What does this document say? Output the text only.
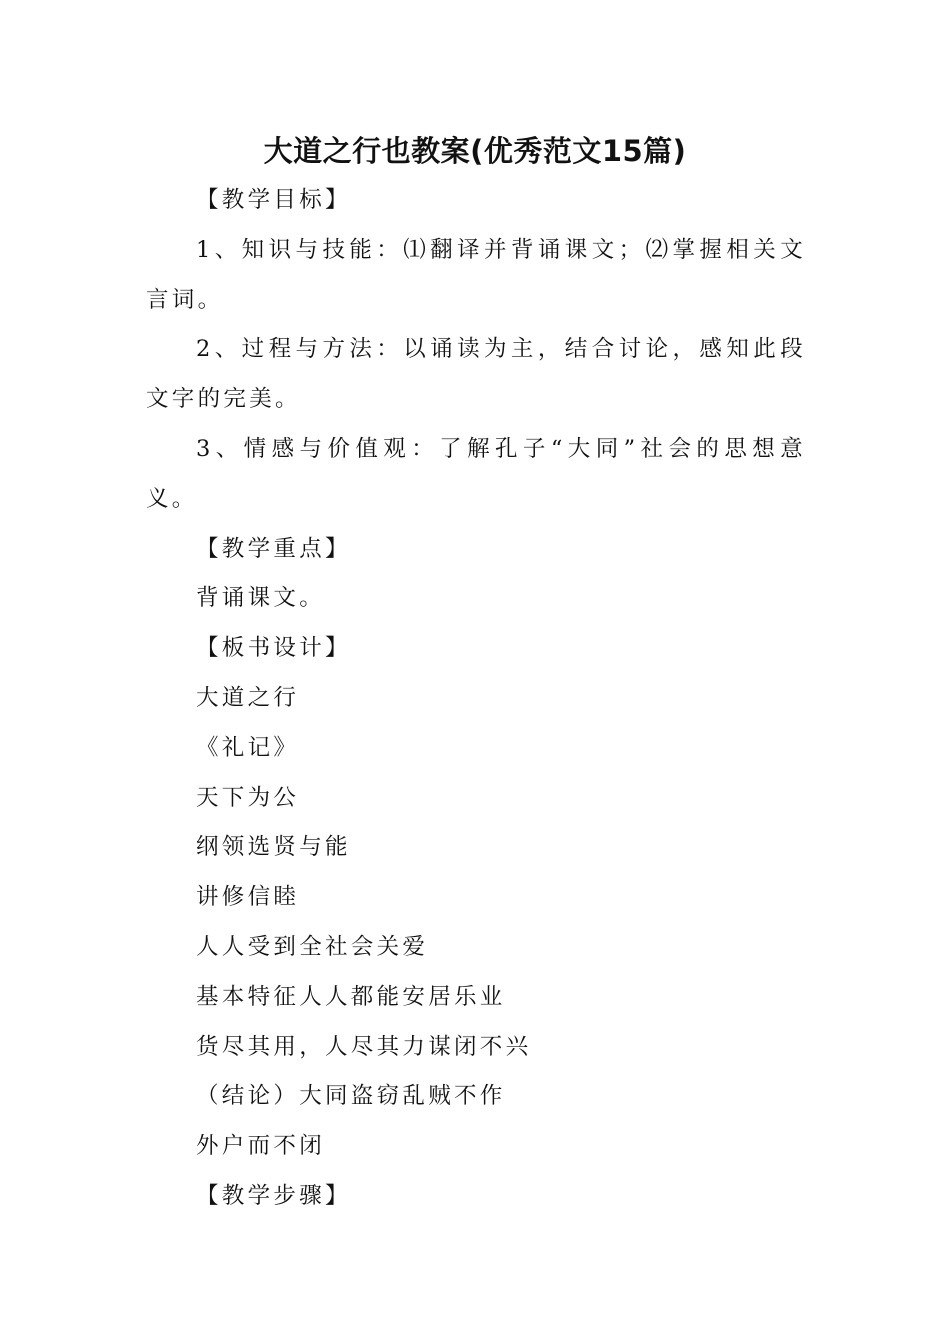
大道之行也教案(优秀范文15篇)

【教学目标】

1、知识与技能：⑴翻译并背诵课文；⑵掌握相关文言词。

2、过程与方法：以诵读为主，结合讨论，感知此段文字的完美。

3、情感与价值观：了解孔子“大同”社会的思想意义。

【教学重点】

背诵课文。

【板书设计】

大道之行

《礼记》

天下为公

纲领选贤与能

讲修信睦

人人受到全社会关爱

基本特征人人都能安居乐业

货尽其用，人尽其力谋闭不兴

（结论）大同盗窃乱贼不作

外户而不闭

【教学步骤】
